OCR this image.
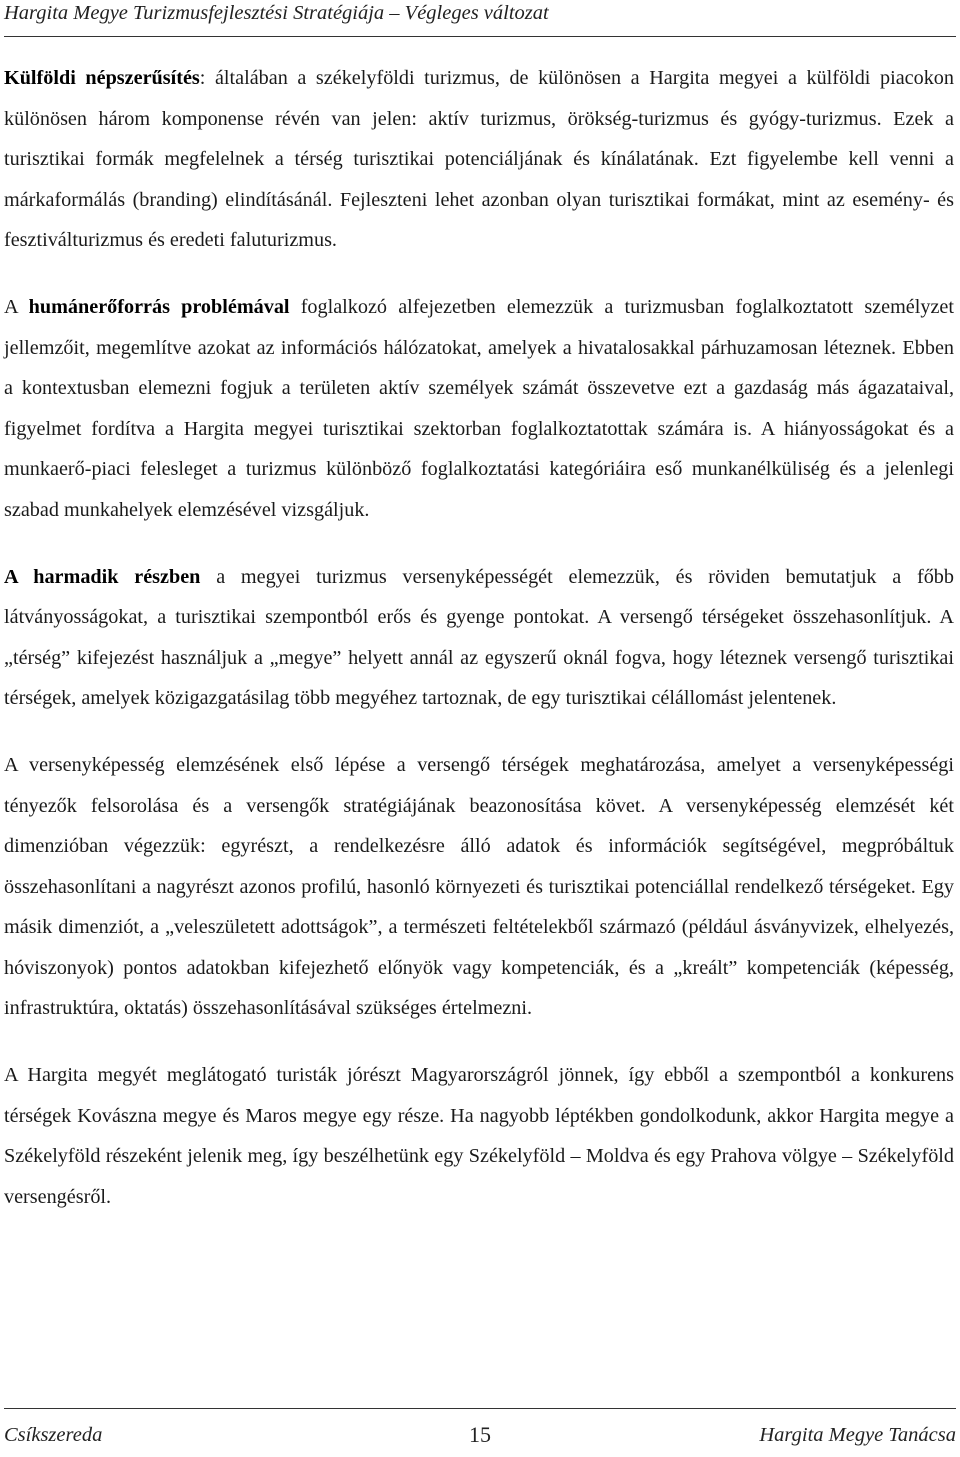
Hargita Megye Turizmusfejlesztési Stratégiája – Végleges változat

Külföldi népszerűsítés: általában a székelyföldi turizmus, de különösen a Hargita megyei a külföldi piacokon különösen három komponense révén van jelen: aktív turizmus, örökség-turizmus és gyógy-turizmus. Ezek a turisztikai formák megfelelnek a térség turisztikai potenciáljának és kínálatának. Ezt figyelembe kell venni a márkaformálás (branding) elindításánál. Fejleszteni lehet azonban olyan turisztikai formákat, mint az esemény- és fesztiválturizmus és eredeti faluturizmus.

A humánerőforrás problémával foglalkozó alfejezetben elemezzük a turizmusban foglalkoztatott személyzet jellemzőit, megemlítve azokat az információs hálózatokat, amelyek a hivatalosakkal párhuzamosan léteznek. Ebben a kontextusban elemezni fogjuk a területen aktív személyek számát összevetve ezt a gazdaság más ágazataival, figyelmet fordítva a Hargita megyei turisztikai szektorban foglalkoztatottak számára is. A hiányosságokat és a munkaerő-piaci felesleget a turizmus különböző foglalkoztatási kategóriáira eső munkanélküliség és a jelenlegi szabad munkahelyek elemzésével vizsgáljuk.

A harmadik részben a megyei turizmus versenyképességét elemezzük, és röviden bemutatjuk a főbb látványosságokat, a turisztikai szempontból erős és gyenge pontokat. A versengő térségeket összehasonlítjuk. A „térség” kifejezést használjuk a „megye” helyett annál az egyszerű oknál fogva, hogy léteznek versengő turisztikai térségek, amelyek közigazgatásilag több megyéhez tartoznak, de egy turisztikai célállomást jelentenek.

A versenyképesség elemzésének első lépése a versengő térségek meghatározása, amelyet a versenyképességi tényezők felsorolása és a versengők stratégiájának beazonosítása követ. A versenyképesség elemzését két dimenzióban végezzük: egyrészt, a rendelkezésre álló adatok és információk segítségével, megpróbáltuk összehasonlítani a nagyrészt azonos profilú, hasonló környezeti és turisztikai potenciállal rendelkező térségeket. Egy másik dimenziót, a „veleszületett adottságok”, a természeti feltételekből származó (például ásványvizek, elhelyezés, hóviszonyok) pontos adatokban kifejezhető előnyök vagy kompetenciák, és a „kreált” kompetenciák (képesség, infrastruktúra, oktatás) összehasonlításával szükséges értelmezni.

A Hargita megyét meglátogató turisták jórészt Magyarországról jönnek, így ebből a szempontból a konkurens térségek Kovászna megye és Maros megye egy része. Ha nagyobb léptékben gondolkodunk, akkor Hargita megye a Székelyföld részeként jelenik meg, így beszélhetünk egy Székelyföld – Moldva és egy Prahova völgye – Székelyföld versengésről.

Csíkszereda	15	Hargita Megye Tanácsa
